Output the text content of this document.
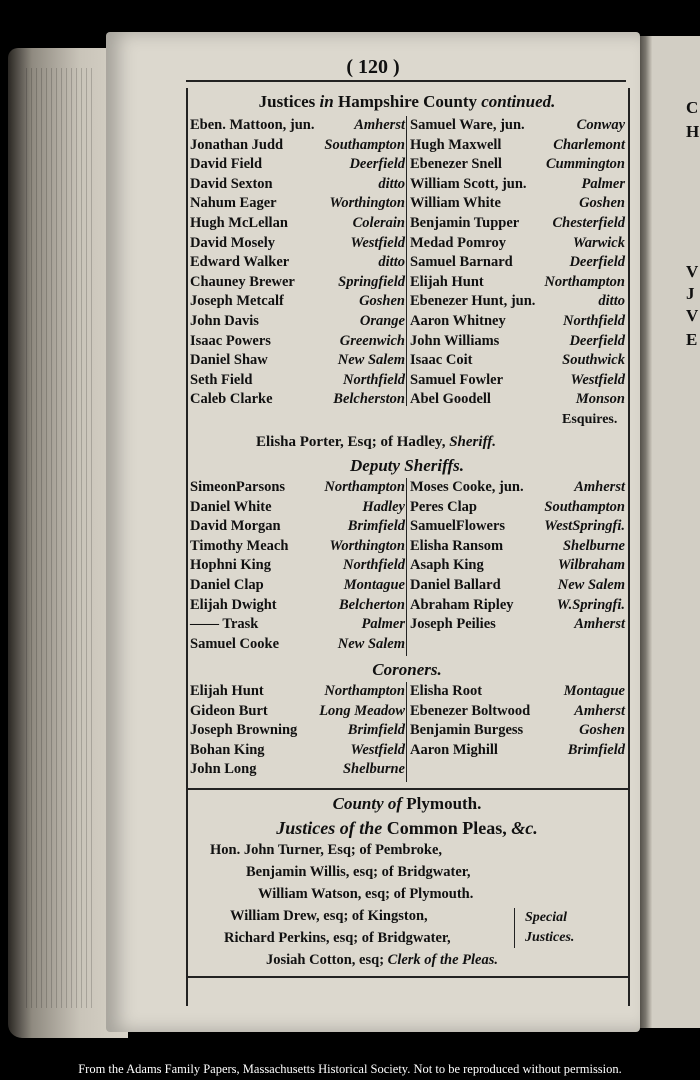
C
H
V
J
V
E
( 120 )
Justices in Hampshire County continued.
Eben. Mattoon, jun.	Amherst
Jonathan Judd	Southampton
David Field	Deerfield
David Sexton	ditto
Nahum Eager	Worthington
Hugh McLellan	Colerain
David Mosely	Westfield
Edward Walker	ditto
Chauney Brewer	Springfield
Joseph Metcalf	Goshen
John Davis	Orange
Isaac Powers	Greenwich
Daniel Shaw	New Salem
Seth Field	Northfield
Caleb Clarke	Belcherston
Samuel Ware, jun.	Conway
Hugh Maxwell	Charlemont
Ebenezer Snell	Cummington
William Scott, jun.	Palmer
William White	Goshen
Benjamin Tupper Chesterfield
Medad Pomroy	Warwick
Samuel Barnard	Deerfield
Elijah Hunt	Northampton
Ebenezer Hunt, jun.	ditto
Aaron Whitney	Northfield
John Williams	Deerfield
Isaac Coit	Southwick
Samuel Fowler	Westfield
Abel Goodell	Monson
Esquires.
Elisha Porter, Esq; of Hadley, Sheriff.
Deputy Sheriffs.
SimeonParsons	Northampton
Daniel White	Hadley
David Morgan	Brimfield
Timothy Meach	Worthington
Hophni King	Northfield
Daniel Clap	Montague
Elijah Dwight	Belcherton
—— Trask	Palmer
Samuel Cooke	New Salem
Moses Cooke, jun.	Amherst
Peres Clap	Southampton
SamuelFlowers	WestSpringfi.
Elisha Ransom	Shelburne
Asaph King	Wilbraham
Daniel Ballard	New Salem
Abraham Ripley	W.Springfi.
Joseph Peilies	Amherst
Coroners.
Elijah Hunt	Northampton
Gideon Burt	Long Meadow
Joseph Browning	Brimfield
Bohan King	Westfield
John Long	Shelburne
Elisha Root	Montague
Ebenezer Boltwood	Amherst
Benjamin Burgess	Goshen
Aaron Mighill	Brimfield
County of Plymouth.
Justices of the Common Pleas, &c.
Hon. John Turner, Esq; of Pembroke,
Benjamin Willis, esq; of Bridgwater,
William Watson, esq; of Plymouth.
William Drew, esq; of Kingston,
Richard Perkins, esq; of Bridgwater,
Josiah Cotton, esq; Clerk of the Pleas.
Special
Justices.
From the Adams Family Papers, Massachusetts Historical Society. Not to be reproduced without permission.
